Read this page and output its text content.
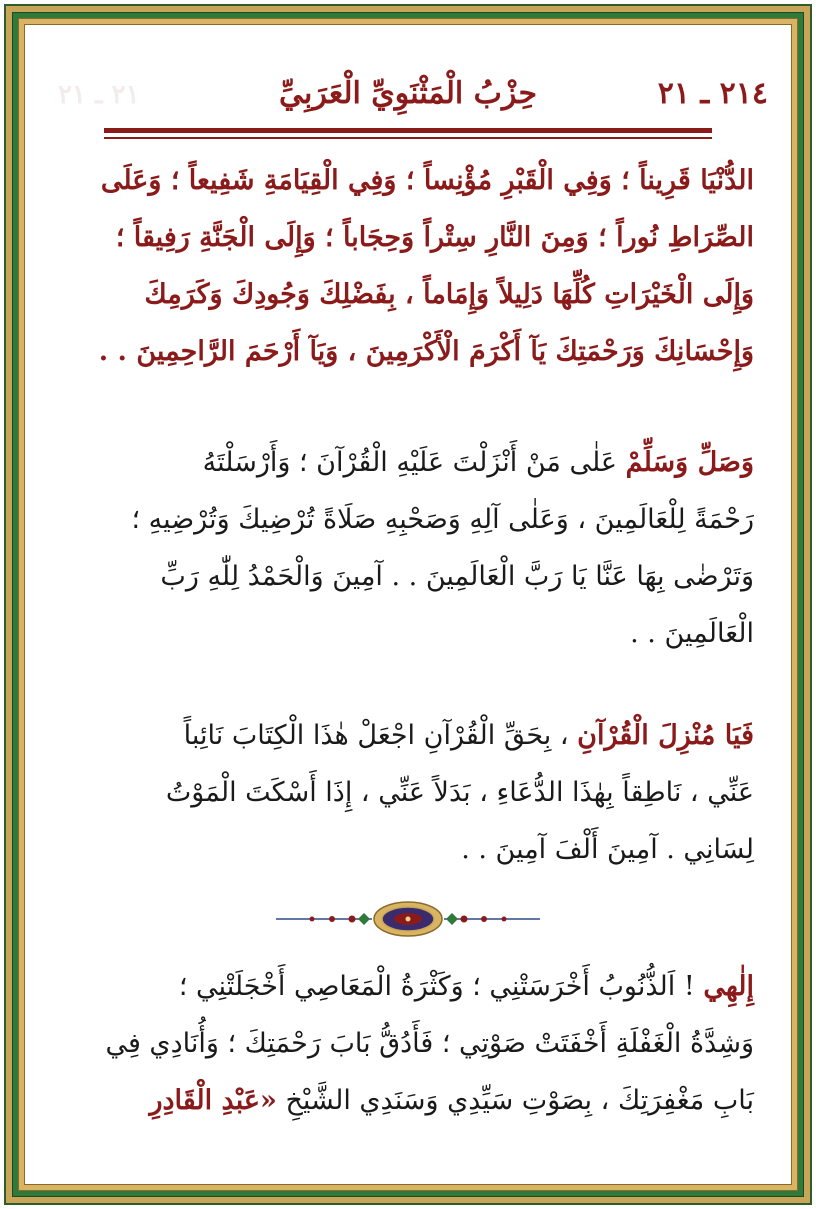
٢١ ـ ٢١	حِزْبُ الْمَثْنَوِيِّ الْعَرَبِيِّ	٢١٤ ـ ٢١
الدُّنْيَا قَرِيناً ؛ وَفِي الْقَبْرِ مُؤْنِساً ؛ وَفِي الْقِيَامَةِ شَفِيعاً ؛ وَعَلَى
الصِّرَاطِ نُوراً ؛ وَمِنَ النَّارِ سِتْراً وَحِجَاباً ؛ وَإِلَى الْجَنَّةِ رَفِيقاً ؛
وَإِلَى الْخَيْرَاتِ كُلِّهَا دَلِيلاً وَإِمَاماً ، بِفَضْلِكَ وَجُودِكَ وَكَرَمِكَ
وَإِحْسَانِكَ وَرَحْمَتِكَ يَآ أَكْرَمَ الْأَكْرَمِينَ ، وَيَآ أَرْحَمَ الرَّاحِمِينَ . .
وَصَلِّ وَسَلِّمْ عَلٰى مَنْ أَنْزَلْتَ عَلَيْهِ الْقُرْآنَ ؛ وَأَرْسَلْتَهُ
رَحْمَةً لِلْعَالَمِينَ ، وَعَلٰى آلِهِ وَصَحْبِهِ صَلَاةً تُرْضِيكَ وَتُرْضِيهِ ؛
وَتَرْضٰى بِهَا عَنَّا يَا رَبَّ الْعَالَمِينَ . . آمِينَ وَالْحَمْدُ لِلّٰهِ رَبِّ
الْعَالَمِينَ . .
فَيَا مُنْزِلَ الْقُرْآنِ ، بِحَقِّ الْقُرْآنِ اجْعَلْ هٰذَا الْكِتَابَ نَائِباً
عَنِّي ، نَاطِقاً بِهٰذَا الدُّعَاءِ ، بَدَلاً عَنِّي ، إِذَا أَسْكَتَ الْمَوْتُ
لِسَانِي . آمِينَ أَلْفَ آمِينَ . .
إِلٰهِي ! اَلذُّنُوبُ أَخْرَسَتْنِي ؛ وَكَثْرَةُ الْمَعَاصِي أَخْجَلَتْنِي ؛
وَشِدَّةُ الْغَفْلَةِ أَخْفَتَتْ صَوْتِي ؛ فَأَدُقُّ بَابَ رَحْمَتِكَ ؛ وَأُنَادِي فِي
بَابِ مَغْفِرَتِكَ ، بِصَوْتِ سَيِّدِي وَسَنَدِي الشَّيْخِ «عَبْدِ الْقَادِرِ
